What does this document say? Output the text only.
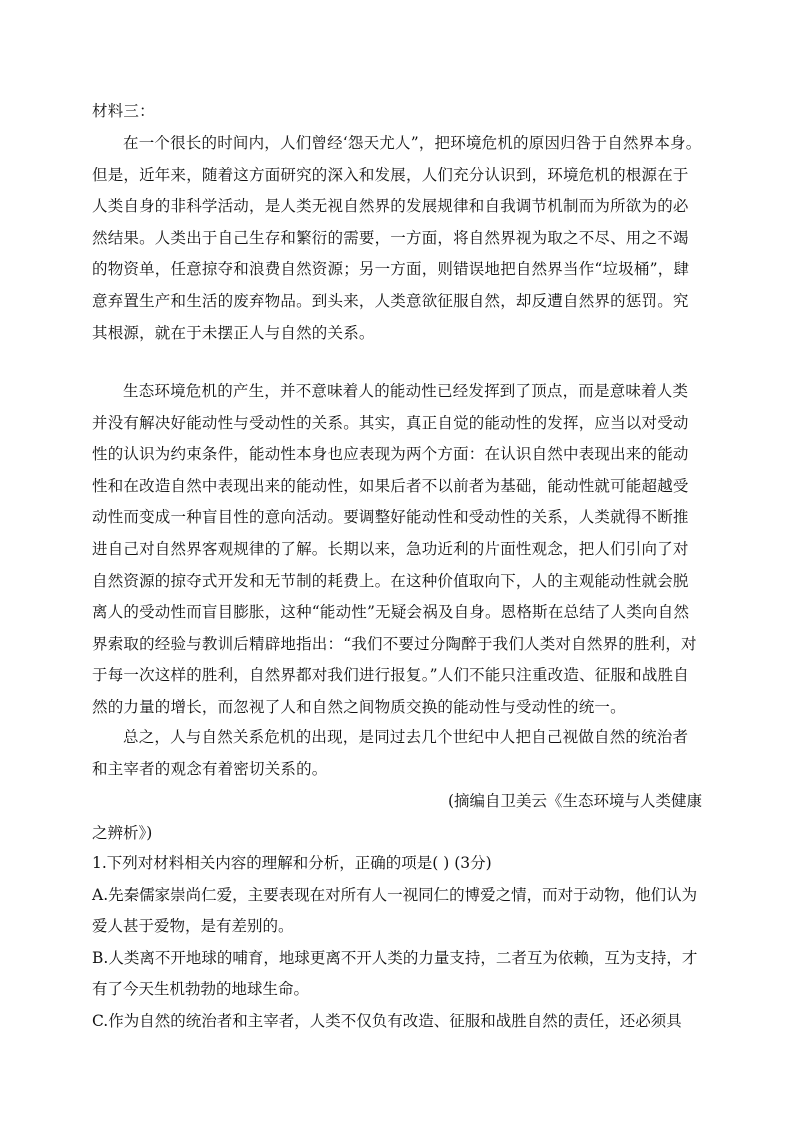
材料三：

在一个很长的时间内，人们曾经‘怨天尤人”，把环境危机的原因归咎于自然界本身。但是，近年来，随着这方面研究的深入和发展，人们充分认识到，环境危机的根源在于人类自身的非科学活动，是人类无视自然界的发展规律和自我调节机制而为所欲为的必然结果。人类出于自己生存和繁衍的需要，一方面，将自然界视为取之不尽、用之不竭的物资单，任意掠夺和浪费自然资源；另一方面，则错误地把自然界当作“垃圾桶”，肆意弃置生产和生活的废弃物品。到头来，人类意欲征服自然，却反遭自然界的惩罚。究其根源，就在于未摆正人与自然的关系。

生态环境危机的产生，并不意味着人的能动性已经发挥到了顶点，而是意味着人类并没有解决好能动性与受动性的关系。其实，真正自觉的能动性的发挥，应当以对受动性的认识为约束条件，能动性本身也应表现为两个方面：在认识自然中表现出来的能动性和在改造自然中表现出来的能动性，如果后者不以前者为基础，能动性就可能超越受动性而变成一种盲目性的意向活动。要调整好能动性和受动性的关系，人类就得不断推进自己对自然界客观规律的了解。长期以来，急功近利的片面性观念，把人们引向了对自然资源的掠夺式开发和无节制的耗费上。在这种价值取向下，人的主观能动性就会脱离人的受动性而盲目膨胀，这种“能动性”无疑会祸及自身。恩格斯在总结了人类向自然界索取的经验与教训后精辟地指出：“我们不要过分陶醉于我们人类对自然界的胜利，对于每一次这样的胜利，自然界都对我们进行报复。”人们不能只注重改造、征服和战胜自然的力量的增长，而忽视了人和自然之间物质交换的能动性与受动性的统一。

总之，人与自然关系危机的出现，是同过去几个世纪中人把自己视做自然的统治者和主宰者的观念有着密切关系的。

(摘编自卫美云《生态环境与人类健康
之辨析》)

1.下列对材料相关内容的理解和分析，正确的项是( ) (3分)

A.先秦儒家崇尚仁爱，主要表现在对所有人一视同仁的博爱之情，而对于动物，他们认为爱人甚于爱物，是有差别的。

B.人类离不开地球的哺育，地球更离不开人类的力量支持，二者互为依赖，互为支持，才有了今天生机勃勃的地球生命。

C.作为自然的统治者和主宰者，人类不仅负有改造、征服和战胜自然的责任，还必须具
